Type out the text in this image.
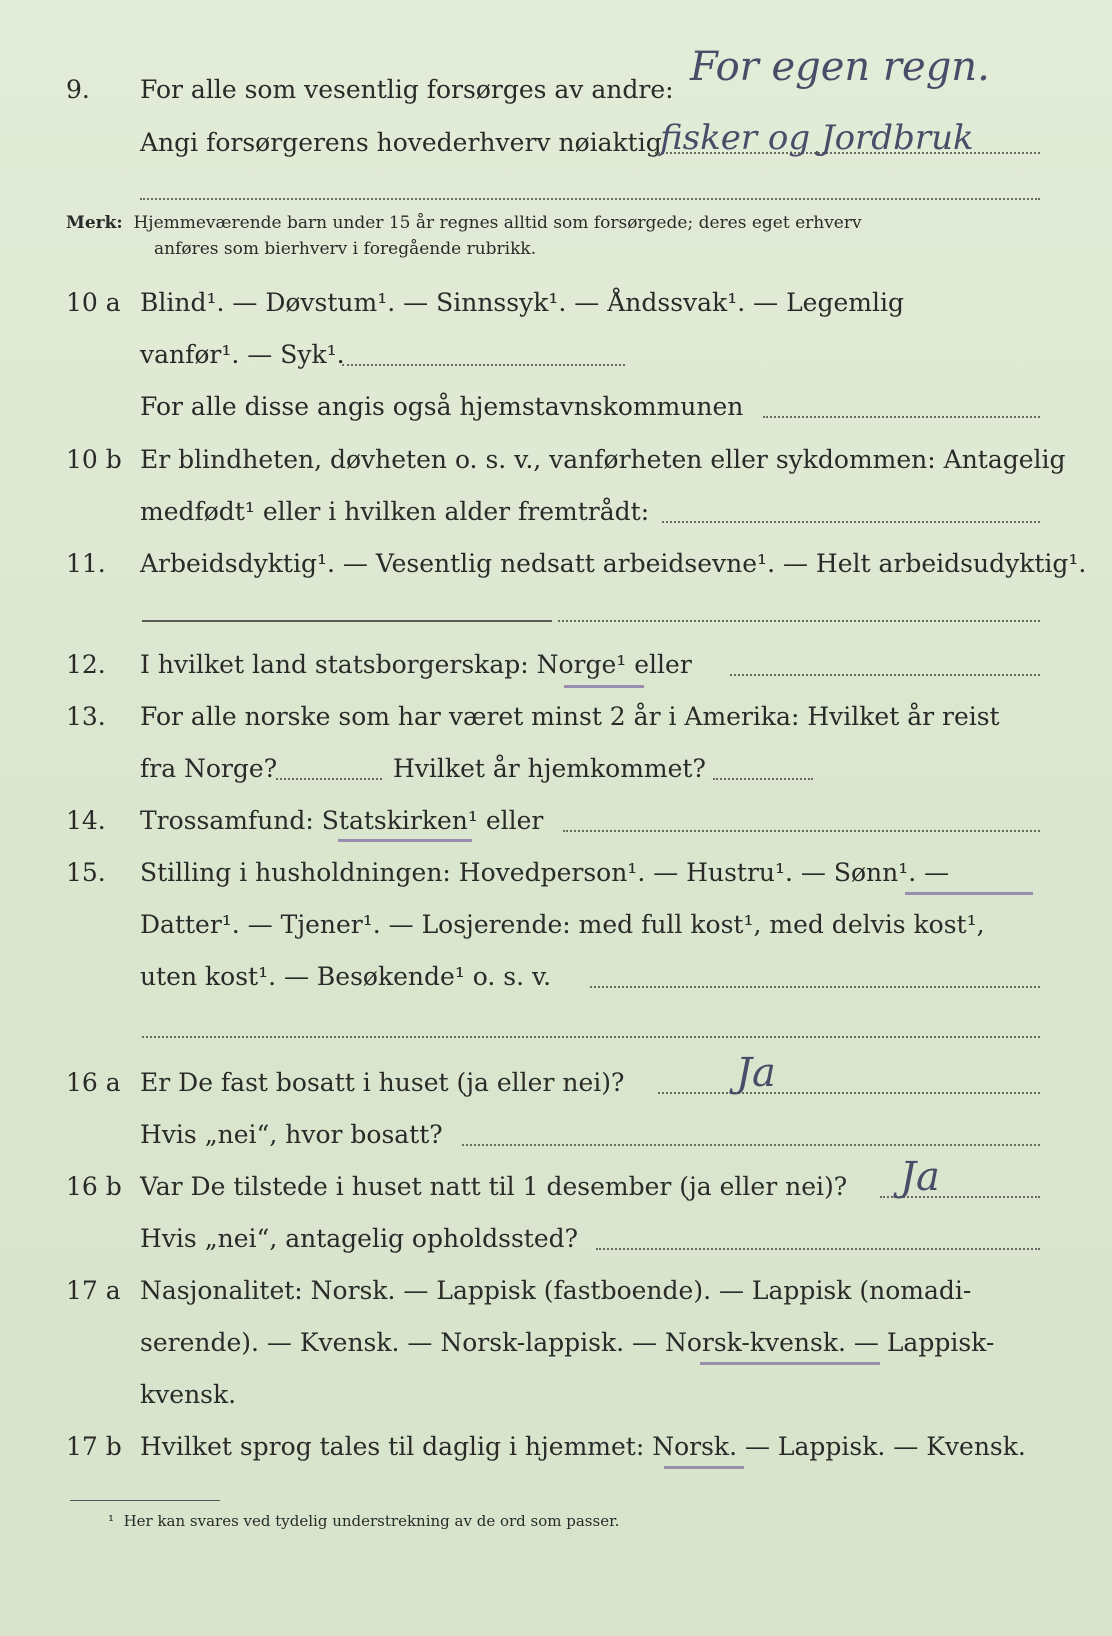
9.	For alle som vesentlig forsørges av andre: For egen regn.
Angi forsørgerens hovederhverv nøiaktig
fisker og Jordbruk
Merk: Hjemmeværende barn under 15 år regnes alltid som forsørgede; deres eget erhverv
anføres som bierhverv i foregående rubrikk.
10 a Blind¹. — Døvstum¹. — Sinnssyk¹. — Åndssvak¹. — Legemlig
vanfør¹. — Syk¹.
For alle disse angis også hjemstavnskommunen
10 b Er blindheten, døvheten o. s. v., vanførheten eller sykdommen: Antagelig
medfødt¹ eller i hvilken alder fremtrådt:
11.	Arbeidsdyktig¹. — Vesentlig nedsatt arbeidsevne¹. — Helt arbeidsudyktig¹.
12.	I hvilket land statsborgerskap: Norge¹ eller
13.	For alle norske som har været minst 2 år i Amerika: Hvilket år reist
fra Norge?	Hvilket år hjemkommet?
14.	Trossamfund: Statskirken¹ eller
15.	Stilling i husholdningen: Hovedperson¹. — Hustru¹. — Sønn¹. —
Datter¹. — Tjener¹. — Losjerende: med full kost¹, med delvis kost¹,
uten kost¹. — Besøkende¹ o. s. v.
16 a Er De fast bosatt i huset (ja eller nei)?	Ja
Hvis „nei“, hvor bosatt?
16 b Var De tilstede i huset natt til 1 desember (ja eller nei)? Ja
Hvis „nei“, antagelig opholdssted?
17 a Nasjonalitet: Norsk. — Lappisk (fastboende). — Lappisk (nomadi-
serende). — Kvensk. — Norsk-lappisk. — Norsk-kvensk. — Lappisk-
kvensk.
17 b Hvilket sprog tales til daglig i hjemmet: Norsk. — Lappisk. — Kvensk.
¹ Her kan svares ved tydelig understrekning av de ord som passer.
